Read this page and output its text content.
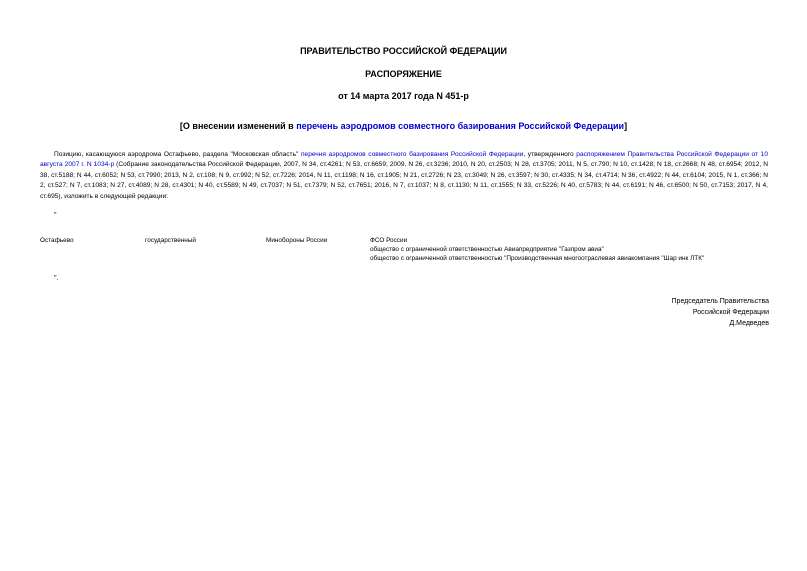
ПРАВИТЕЛЬСТВО РОССИЙСКОЙ ФЕДЕРАЦИИ
РАСПОРЯЖЕНИЕ
от 14 марта 2017 года N 451-р
[О внесении изменений в перечень аэродромов совместного базирования Российской Федерации]
Позицию, касающуюся аэродрома Остафьево, раздела "Московская область" перечня аэродромов совместного базирования Российской Федерации, утвержденного распоряжением Правительства Российской Федерации от 10 августа 2007 г. N 1034-р (Собрание законодательства Российской Федерации, 2007, N 34, ст.4261; N 53, ст.6659; 2009, N 26, ст.3236; 2010, N 20, ст.2503; N 28, ст.3705; 2011, N 5, ст.790; N 10, ст.1428; N 18, ст.2668; N 48, ст.6954; 2012, N 38, ст.5188; N 44, ст.6052; N 53, ст.7990; 2013, N 2, ст.108; N 9, ст.992; N 52, ст.7226; 2014, N 11, ст.1198; N 16, ст.1905; N 21, ст.2726; N 23, ст.3049; N 26, ст.3597; N 30, ст.4335; N 34, ст.4714; N 36, ст.4922; N 44, ст.6104; 2015, N 1, ст.366; N 2, ст.527; N 7, ст.1083; N 27, ст.4089; N 28, ст.4301; N 40, ст.5589; N 49, ст.7037; N 51, ст.7379; N 52, ст.7651; 2016, N 7, ст.1037; N 8, ст.1130; N 11, ст.1555; N 33, ст.5226; N 40, ст.5783; N 44, ст.6191; N 46, ст.6500; N 50, ст.7153; 2017, N 4, ст.695), изложить в следующей редакции:
"
Остафьево	государственный	Минобороны России	ФСО России
общество с ограниченной ответственностью Авиапредприятие "Газпром авиа"
общество с ограниченной ответственностью "Производственная многоотраслевая авиакомпания "Шар инк ЛТК"
".
Председатель Правительства
Российской Федерации
Д.Медведев
